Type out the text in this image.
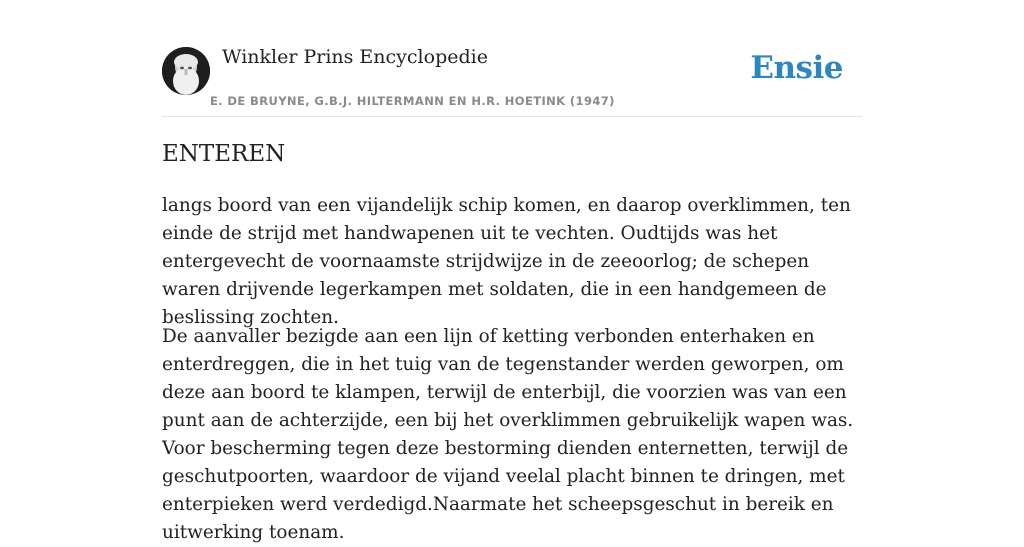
Winkler Prins Encyclopedie
E. DE BRUYNE, G.B.J. HILTERMANN EN H.R. HOETINK (1947)
Ensie
ENTEREN

langs boord van een vijandelijk schip komen, en daarop overklimmen, ten einde de strijd met handwapenen uit te vechten. Oudtijds was het entergevecht de voornaamste strijdwijze in de zeeoorlog; de schepen waren drijvende legerkampen met soldaten, die in een handgemeen de beslissing zochten.

De aanvaller bezigde aan een lijn of ketting verbonden enterhaken en enterdreggen, die in het tuig van de tegenstander werden geworpen, om deze aan boord te klampen, terwijl de enterbijl, die voorzien was van een punt aan de achterzijde, een bij het overklimmen gebruikelijk wapen was. Voor bescherming tegen deze bestorming dienden enternetten, terwijl de geschutpoorten, waardoor de vijand veelal placht binnen te dringen, met enterpieken werd verdedigd.Naarmate het scheepsgeschut in bereik en uitwerking toenam.
